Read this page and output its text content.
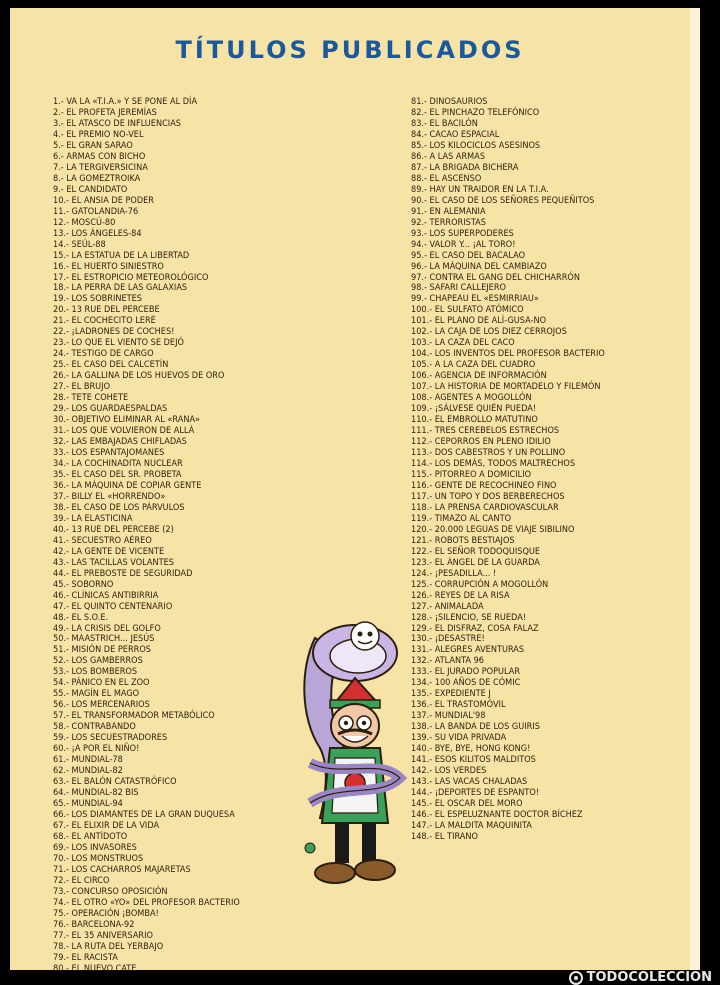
TÍTULOS PUBLICADOS
1.- VA LA «T.I.A.» Y SE PONE AL DÍA
2.- EL PROFETA JEREMÍAS
3.- EL ATASCO DE INFLUENCIAS
4.- EL PREMIO NO-VEL
5.- EL GRAN SARAO
6.- ARMAS CON BICHO
7.- LA TERGIVERSICINA
8.- LA GOMEZTROIKA
9.- EL CANDIDATO
10.- EL ANSIA DE PODER
11.- GATOLANDIA-76
12.- MOSCÚ-80
13.- LOS ÁNGELES-84
14.- SEÚL-88
15.- LA ESTATUA DE LA LIBERTAD
16.- EL HUERTO SINIESTRO
17.- EL ESTROPICIO METEOROLÓGICO
18.- LA PERRA DE LAS GALAXIAS
19.- LOS SOBRINETES
20.- 13 RUE DEL PERCEBE
21.- EL COCHECITO LERÉ
22.- ¡LADRONES DE COCHES!
23.- LO QUE EL VIENTO SE DEJÓ
24.- TESTIGO DE CARGO
25.- EL CASO DEL CALCETÍN
26.- LA GALLINA DE LOS HUEVOS DE ORO
27.- EL BRUJO
28.- TETE COHETE
29.- LOS GUARDAESPALDAS
30.- OBJETIVO ELIMINAR AL «RANA»
31.- LOS QUE VOLVIERON DE ALLÁ
32.- LAS EMBAJADAS CHIFLADAS
33.- LOS ESPANTAJOMANES
34.- LA COCHINADITA NUCLEAR
35.- EL CASO DEL SR. PROBETA
36.- LA MÁQUINA DE COPIAR GENTE
37.- BILLY EL «HORRENDO»
38.- EL CASO DE LOS PÁRVULOS
39.- LA ELASTICINA
40.- 13 RUE DEL PERCEBE (2)
41.- SECUESTRO AÉREO
42.- LA GENTE DE VICENTE
43.- LAS TACILLAS VOLANTES
44.- EL PREBOSTE DE SEGURIDAD
45.- SOBORNO
46.- CLÍNICAS ANTIBIRRIA
47.- EL QUINTO CENTENARIO
48.- EL S.O.E.
49.- LA CRISIS DEL GOLFO
50.- MAASTRICH... JESÚS
51.- MISIÓN DE PERROS
52.- LOS GAMBERROS
53.- LOS BOMBEROS
54.- PÁNICO EN EL ZOO
55.- MAGÍN EL MAGO
56.- LOS MERCENARIOS
57.- EL TRANSFORMADOR METABÓLICO
58.- CONTRABANDO
59.- LOS SECUESTRADORES
60.- ¡A POR EL NIÑO!
61.- MUNDIAL-78
62.- MUNDIAL-82
63.- EL BALÓN CATASTRÓFICO
64.- MUNDIAL-82 BIS
65.- MUNDIAL-94
66.- LOS DIAMANTES DE LA GRAN DUQUESA
67.- EL ELIXIR DE LA VIDA
68.- EL ANTÍDOTO
69.- LOS INVASORES
70.- LOS MONSTRUOS
71.- LOS CACHARROS MAJARETAS
72.- EL CIRCO
73.- CONCURSO OPOSICIÓN
74.- EL OTRO «YO» DEL PROFESOR BACTERIO
75.- OPERACIÓN ¡BOMBA!
76.- BARCELONA-92
77.- EL 35 ANIVERSARIO
78.- LA RUTA DEL YERBAJO
79.- EL RACISTA
80.- EL NUEVO CATE
81.- DINOSAURIOS
82.- EL PINCHAZO TELEFÓNICO
83.- EL BACILÓN
84.- CACAO ESPACIAL
85.- LOS KILOCICLOS ASESINOS
86.- A LAS ARMAS
87.- LA BRIGADA BICHERA
88.- EL ASCENSO
89.- HAY UN TRAIDOR EN LA T.I.A.
90.- EL CASO DE LOS SEÑORES PEQUEÑITOS
91.- EN ALEMANIA
92.- TERRORISTAS
93.- LOS SUPERPODERES
94.- VALOR Y... ¡AL TORO!
95.- EL CASO DEL BACALAO
96.- LA MÁQUINA DEL CAMBIAZO
97.- CONTRA EL GANG DEL CHICHARRÓN
98.- SAFARI CALLEJERO
99.- CHAPEAU EL «ESMIRRIAU»
100.- EL SULFATO ATÓMICO
101.- EL PLANO DE ALÍ-GUSA-NO
102.- LA CAJA DE LOS DIEZ CERROJOS
103.- LA CAZA DEL CACO
104.- LOS INVENTOS DEL PROFESOR BACTERIO
105.- A LA CAZA DEL CUADRO
106.- AGENCIA DE INFORMACIÓN
107.- LA HISTORIA DE MORTADELO Y FILEMÓN
108.- AGENTES A MOGOLLÓN
109.- ¡SÁLVESE QUIÉN PUEDA!
110.- EL EMBROLLO MATUTINO
111.- TRES CEREBELOS ESTRECHOS
112.- CEPORROS EN PLENO IDILIO
113.- DOS CABESTROS Y UN POLLINO
114.- LOS DEMÁS, TODOS MALTRECHOS
115.- PITORREO A DOMICILIO
116.- GENTE DE RECOCHINEO FINO
117.- UN TOPO Y DOS BERBERECHOS
118.- LA PRENSA CARDIOVASCULAR
119.- TIMAZO AL CANTO
120.- 20.000 LEGUAS DE VIAJE SIBILINO
121.- ROBOTS BESTIAJOS
122.- EL SEÑOR TODOQUISQUE
123.- EL ÁNGEL DE LA GUARDA
124.- ¡PESADILLA... !
125.- CORRUPCIÓN A MOGOLLÓN
126.- REYES DE LA RISA
127.- ANIMALADA
128.- ¡SILENCIO, SE RUEDA!
129.- EL DISFRAZ, COSA FALAZ
130.- ¡DESASTRE!
131.- ALEGRES AVENTURAS
132.- ATLANTA 96
133.- EL JURADO POPULAR
134.- 100 AÑOS DE CÓMIC
135.- EXPEDIENTE J
136.- EL TRASTOMÓVIL
137.- MUNDIAL'98
138.- LA BANDA DE LOS GUIRIS
139.- SU VIDA PRIVADA
140.- BYE, BYE, HONG KONG!
141.- ESOS KILITOS MALDITOS
142.- LOS VERDES
143.- LAS VACAS CHALADAS
144.- ¡DEPORTES DE ESPANTO!
145.- EL OSCAR DEL MORO
146.- EL ESPELUZNANTE DOCTOR BÍCHEZ
147.- LA MALDITA MAQUINITA
148.- EL TIRANO
TODOCOLECCION
